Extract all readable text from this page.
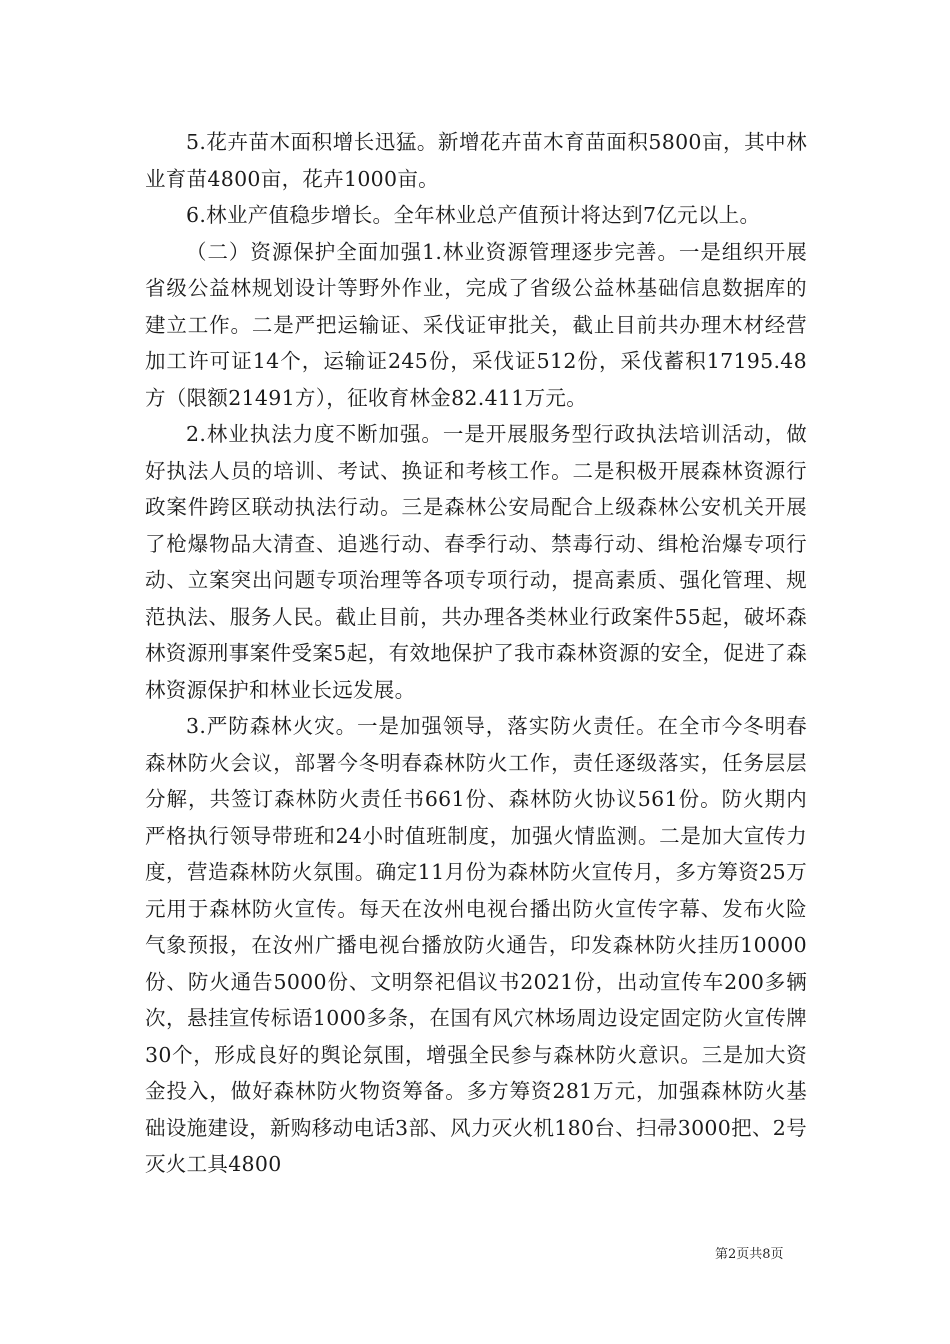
5.花卉苗木面积增长迅猛。新增花卉苗木育苗面积5800亩，其中林业育苗4800亩，花卉1000亩。

6.林业产值稳步增长。全年林业总产值预计将达到7亿元以上。

（二）资源保护全面加强1.林业资源管理逐步完善。一是组织开展省级公益林规划设计等野外作业，完成了省级公益林基础信息数据库的建立工作。二是严把运输证、采伐证审批关，截止目前共办理木材经营加工许可证14个，运输证245份，采伐证512份，采伐蓄积17195.48方（限额21491方），征收育林金82.411万元。

2.林业执法力度不断加强。一是开展服务型行政执法培训活动，做好执法人员的培训、考试、换证和考核工作。二是积极开展森林资源行政案件跨区联动执法行动。三是森林公安局配合上级森林公安机关开展了枪爆物品大清查、追逃行动、春季行动、禁毒行动、缉枪治爆专项行动、立案突出问题专项治理等各项专项行动，提高素质、强化管理、规范执法、服务人民。截止目前，共办理各类林业行政案件55起，破坏森林资源刑事案件受案5起，有效地保护了我市森林资源的安全，促进了森林资源保护和林业长远发展。

3.严防森林火灾。一是加强领导，落实防火责任。在全市今冬明春森林防火会议，部署今冬明春森林防火工作，责任逐级落实，任务层层分解，共签订森林防火责任书661份、森林防火协议561份。防火期内严格执行领导带班和24小时值班制度，加强火情监测。二是加大宣传力度，营造森林防火氛围。确定11月份为森林防火宣传月，多方筹资25万元用于森林防火宣传。每天在汝州电视台播出防火宣传字幕、发布火险气象预报，在汝州广播电视台播放防火通告，印发森林防火挂历10000份、防火通告5000份、文明祭祀倡议书2021份，出动宣传车200多辆次，悬挂宣传标语1000多条，在国有风穴林场周边设定固定防火宣传牌30个，形成良好的舆论氛围，增强全民参与森林防火意识。三是加大资金投入，做好森林防火物资筹备。多方筹资281万元，加强森林防火基础设施建设，新购移动电话3部、风力灭火机180台、扫帚3000把、2号灭火工具4800

第2页共8页
